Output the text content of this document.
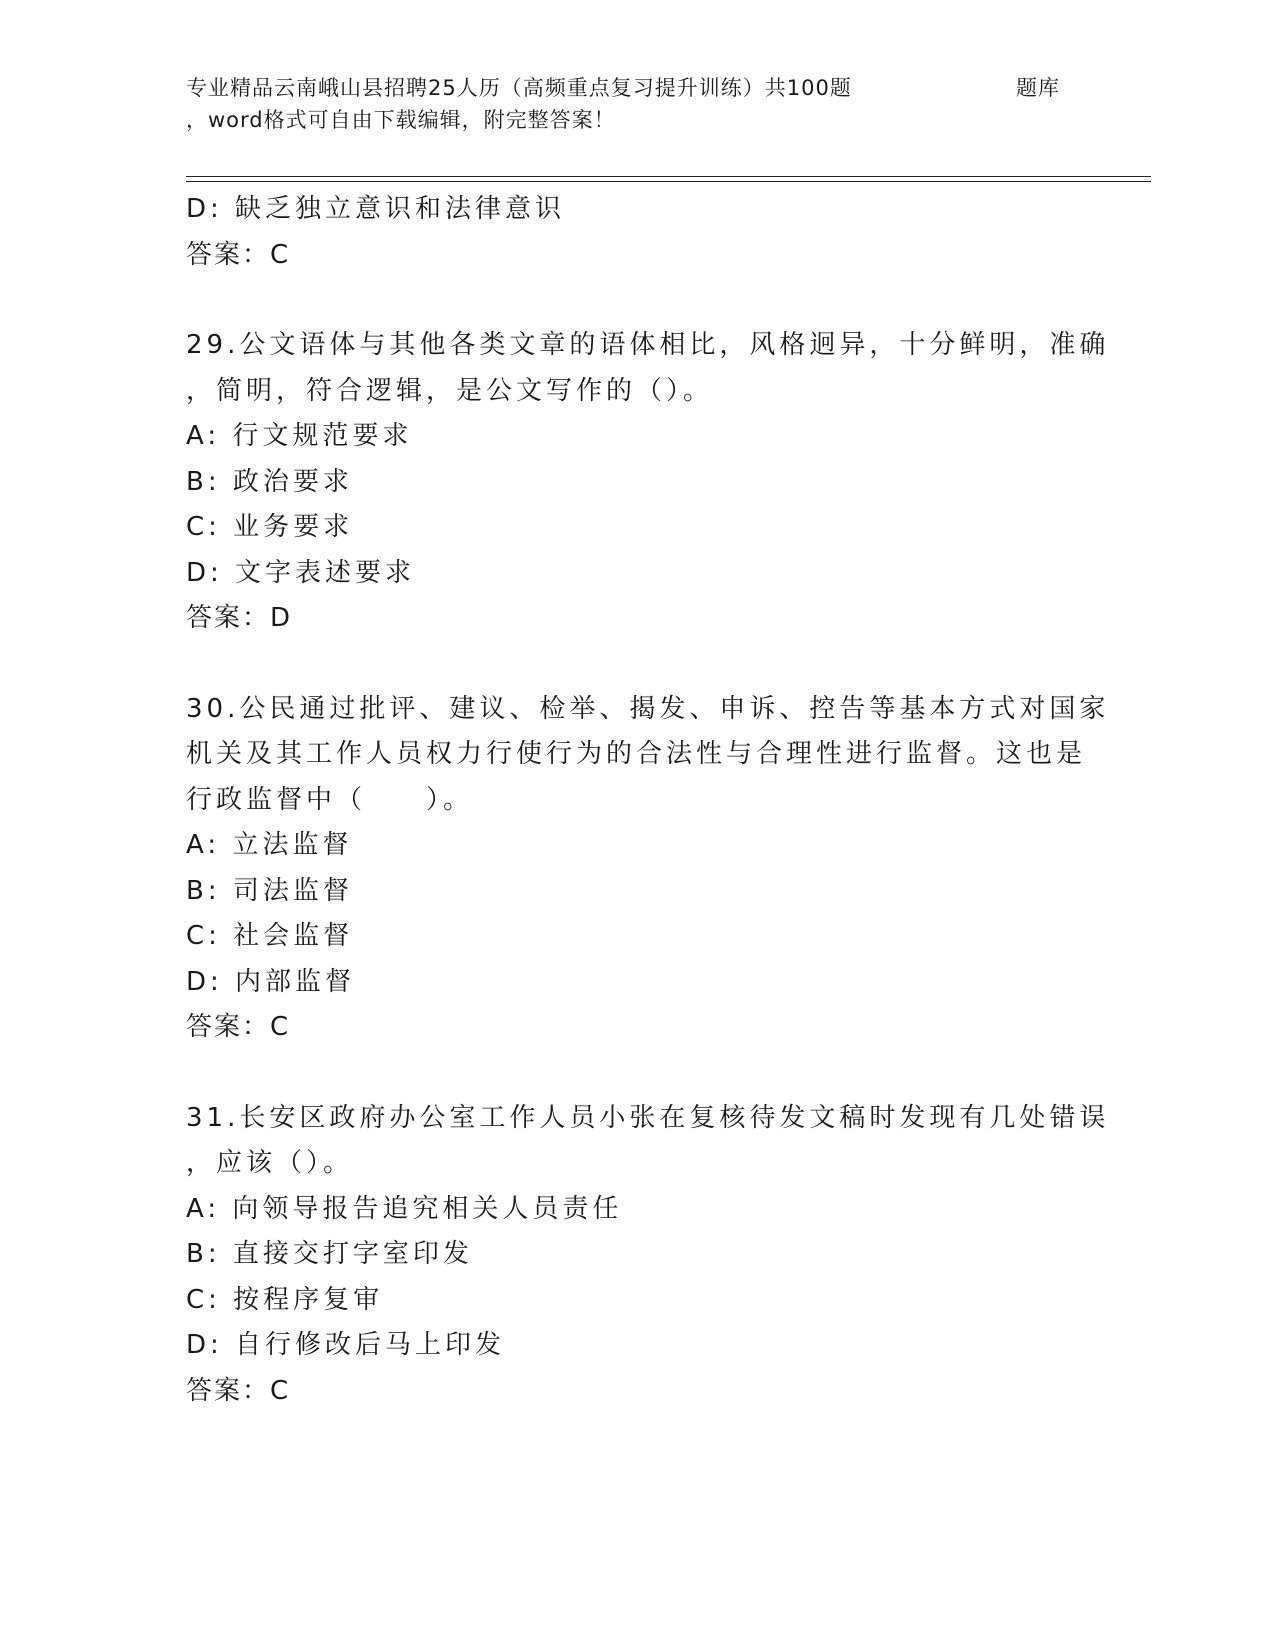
专业精品云南峨山县招聘25人历（高频重点复习提升训练）共100题	题库
，word格式可自由下载编辑，附完整答案！
D: 缺乏独立意识和法律意识
答案：C
29.公文语体与其他各类文章的语体相比，风格迥异，十分鲜明，准确
，简明，符合逻辑，是公文写作的（）。
A: 行文规范要求
B: 政治要求
C: 业务要求
D: 文字表述要求
答案：D
30.公民通过批评、建议、检举、揭发、申诉、控告等基本方式对国家
机关及其工作人员权力行使行为的合法性与合理性进行监督。这也是
行政监督中（　　）。
A: 立法监督
B: 司法监督
C: 社会监督
D: 内部监督
答案：C
31.长安区政府办公室工作人员小张在复核待发文稿时发现有几处错误
，应该（）。
A: 向领导报告追究相关人员责任
B: 直接交打字室印发
C: 按程序复审
D: 自行修改后马上印发
答案：C
